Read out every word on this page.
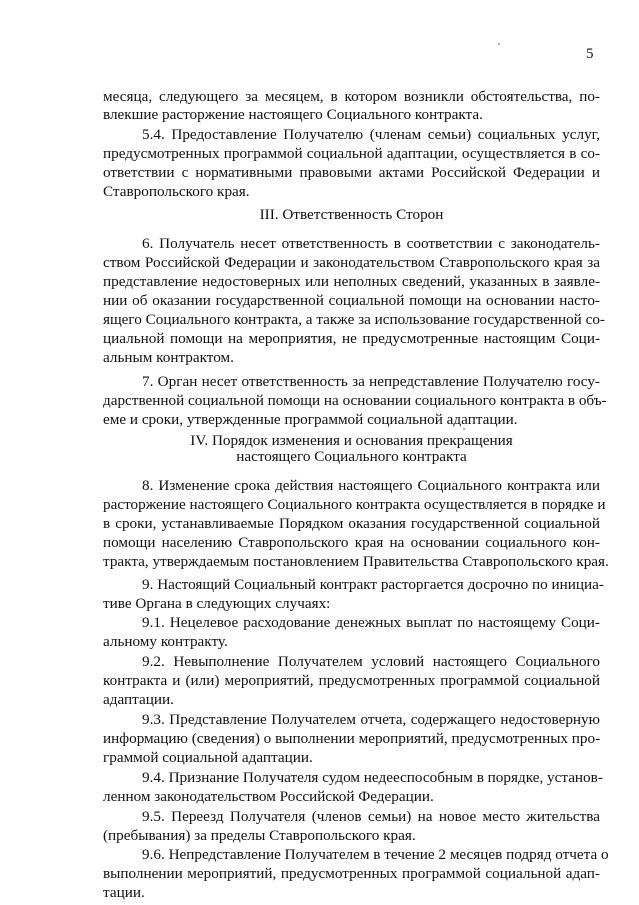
5
месяца, следующего за месяцем, в котором возникли обстоятельства, по-
влекшие расторжение настоящего Социального контракта.
5.4. Предоставление Получателю (членам семьи) социальных услуг,
предусмотренных программой социальной адаптации, осуществляется в со-
ответствии с нормативными правовыми актами Российской Федерации и
Ставропольского края.
III. Ответственность Сторон
6. Получатель несет ответственность в соответствии с законодатель-
ством Российской Федерации и законодательством Ставропольского края за
представление недостоверных или неполных сведений, указанных в заявле-
нии об оказании государственной социальной помощи на основании насто-
ящего Социального контракта, а также за использование государственной со-
циальной помощи на мероприятия, не предусмотренные настоящим Соци-
альным контрактом.
7. Орган несет ответственность за непредставление Получателю госу-
дарственной социальной помощи на основании социального контракта в объ-
еме и сроки, утвержденные программой социальной адаптации.
IV. Порядок изменения и основания прекращения
настоящего Социального контракта
8. Изменение срока действия настоящего Социального контракта или
расторжение настоящего Социального контракта осуществляется в порядке и
в сроки, устанавливаемые Порядком оказания государственной социальной
помощи населению Ставропольского края на основании социального кон-
тракта, утверждаемым постановлением Правительства Ставропольского края.
9. Настоящий Социальный контракт расторгается досрочно по инициа-
тиве Органа в следующих случаях:
9.1. Нецелевое расходование денежных выплат по настоящему Соци-
альному контракту.
9.2. Невыполнение Получателем условий настоящего Социального
контракта и (или) мероприятий, предусмотренных программой социальной
адаптации.
9.3. Представление Получателем отчета, содержащего недостоверную
информацию (сведения) о выполнении мероприятий, предусмотренных про-
граммой социальной адаптации.
9.4. Признание Получателя судом недееспособным в порядке, установ-
ленном законодательством Российской Федерации.
9.5. Переезд Получателя (членов семьи) на новое место жительства
(пребывания) за пределы Ставропольского края.
9.6. Непредставление Получателем в течение 2 месяцев подряд отчета о
выполнении мероприятий, предусмотренных программой социальной адап-
тации.
